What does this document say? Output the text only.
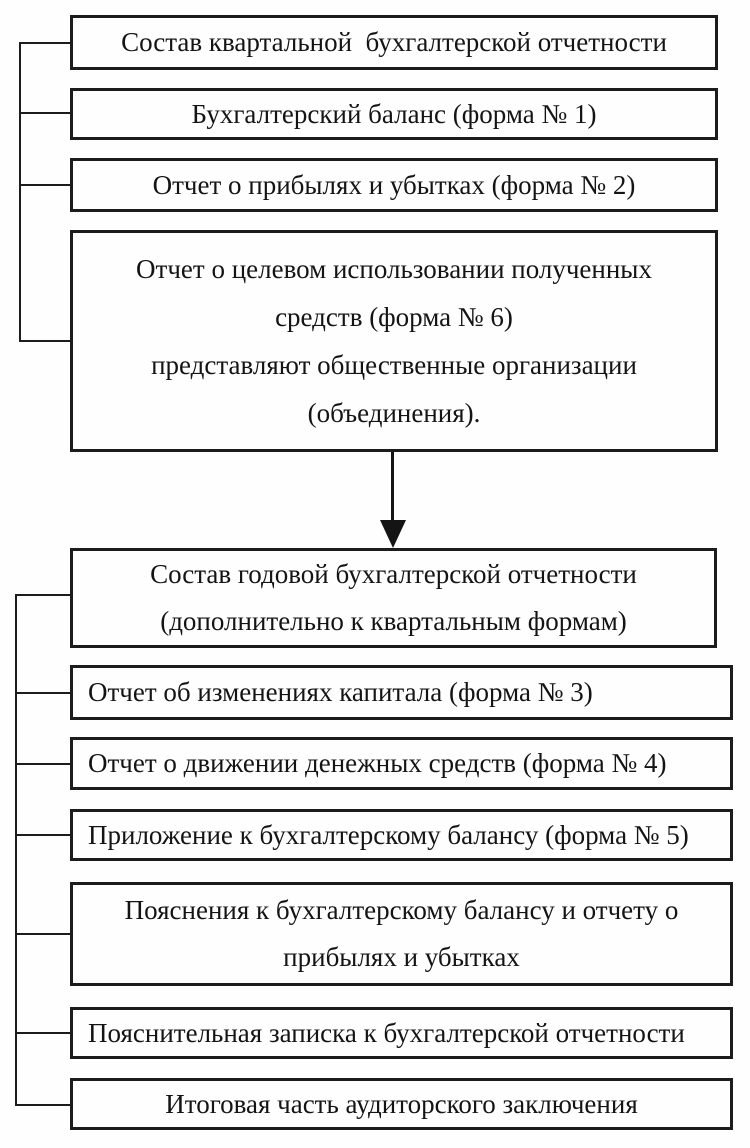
Состав квартальной  бухгалтерской отчетности
Бухгалтерский баланс (форма № 1)
Отчет о прибылях и убытках (форма № 2)
Отчет о целевом использовании полученных
средств (форма № 6)
представляют общественные организации
(объединения).
Состав годовой бухгалтерской отчетности
(дополнительно к квартальным формам)
Отчет об изменениях капитала (форма № 3)
Отчет о движении денежных средств (форма № 4)
Приложение к бухгалтерскому балансу (форма № 5)
Пояснения к бухгалтерскому балансу и отчету о
прибылях и убытках
Пояснительная записка к бухгалтерской отчетности
Итоговая часть аудиторского заключения
